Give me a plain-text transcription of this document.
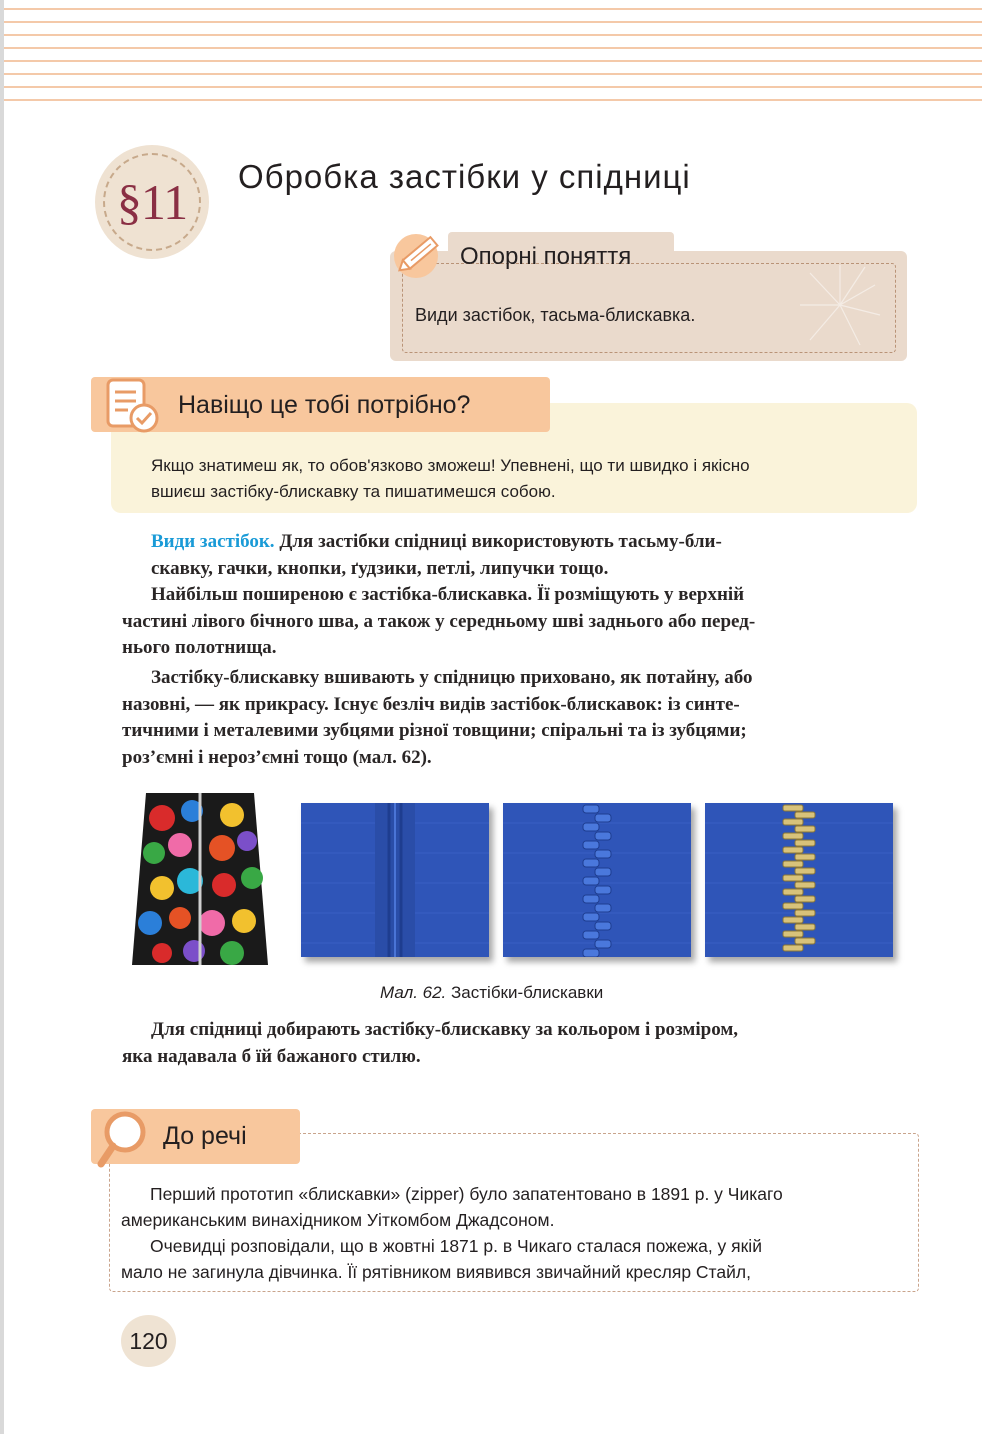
§11 Обробка застібки у спідниці
Опорні поняття
Види застібок, тасьма-блискавка.
Навіщо це тобі потрібно?
Якщо знатимеш як, то обов'язково зможеш! Упевнені, що ти швидко і якісно
вшиєш застібку-блискавку та пишатимешся собою.
Види застібок. Для застібки спідниці використовують тасьму-бли-
скавку, гачки, кнопки, ґудзики, петлі, липучки тощо.
Найбільш поширеною є застібка-блискавка. Її розміщують у верхній
частині лівого бічного шва, а також у середньому шві заднього або перед-
нього полотнища.
Застібку-блискавку вшивають у спідницю приховано, як потайну, або
назовні, — як прикрасу. Існує безліч видів застібок-блискавок: із синте-
тичними і металевими зубцями різної товщини; спіральні та із зубцями;
роз’ємні і нероз’ємні тощо (мал. 62).
Мал. 62. Застібки-блискавки
Для спідниці добирають застібку-блискавку за кольором і розміром,
яка надавала б їй бажаного стилю.
До речі
Перший прототип «блискавки» (zipper) було запатентовано в 1891 р. у Чикаго
американським винахідником Уіткомбом Джадсоном.
Очевидці розповідали, що в жовтні 1871 р. в Чикаго сталася пожежа, у якій
мало не загинула дівчинка. Її рятівником виявився звичайний кресляр Стайл,
120
